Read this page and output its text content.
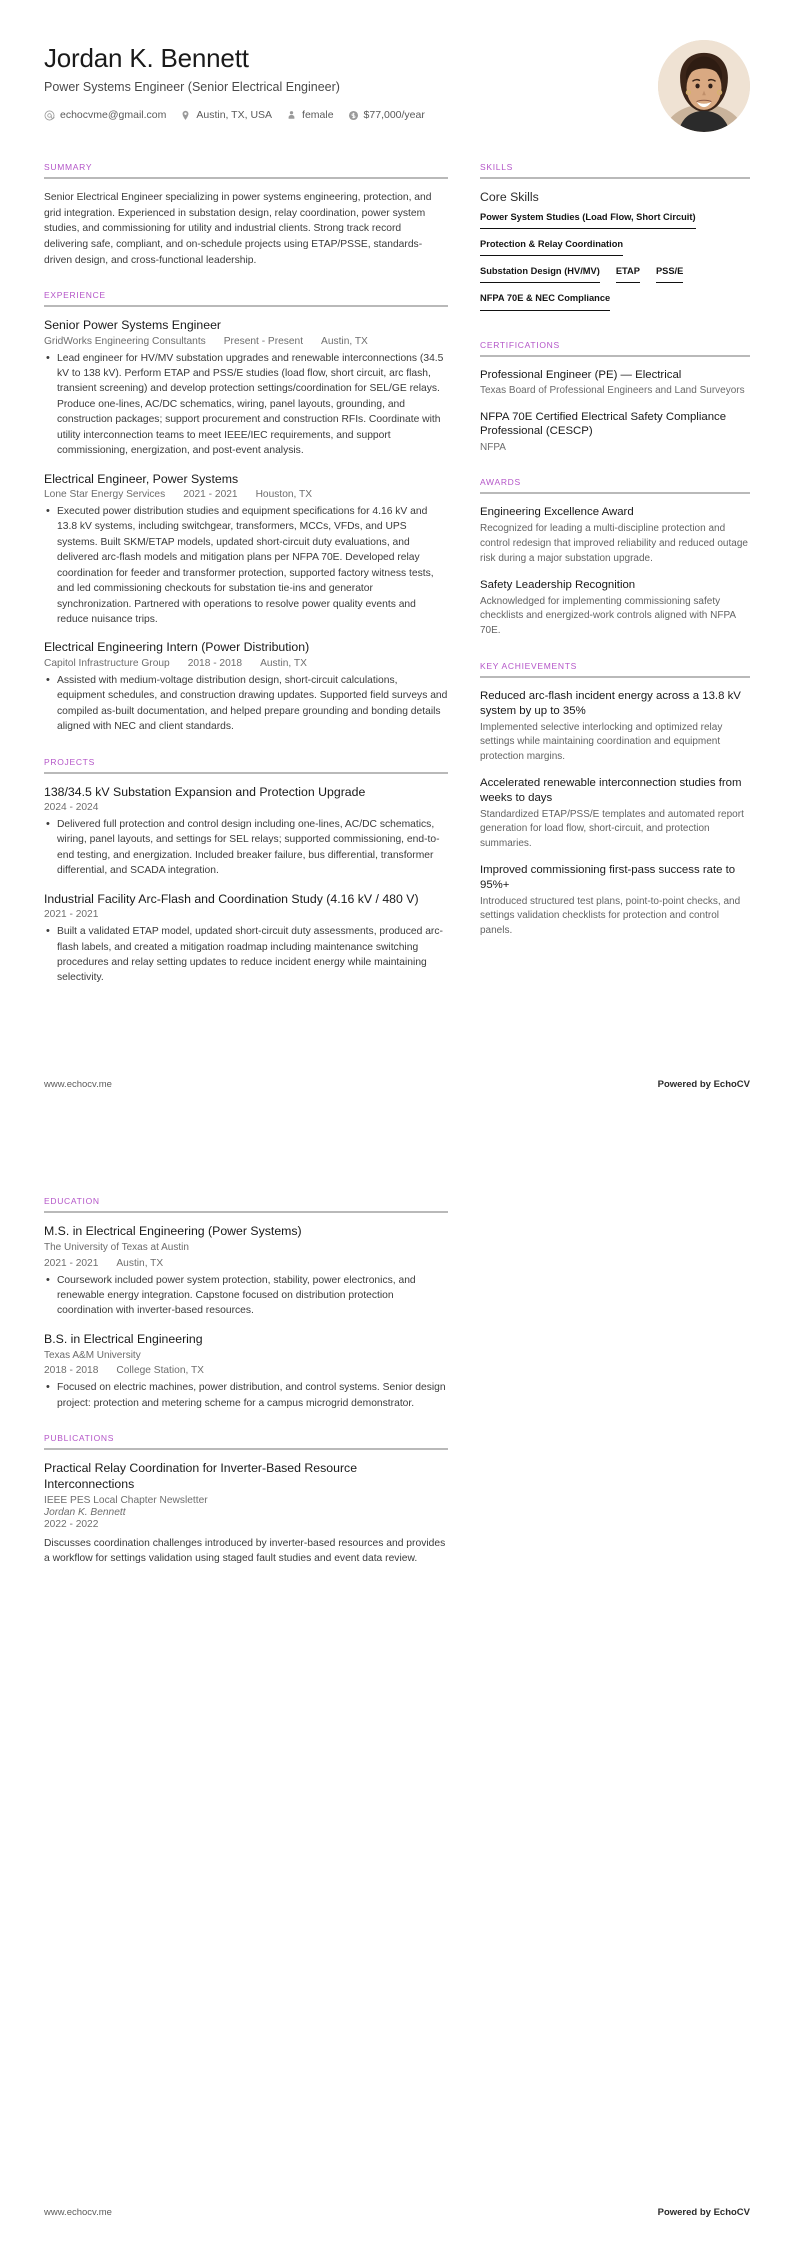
Jordan K. Bennett
Power Systems Engineer (Senior Electrical Engineer)
echocvme@gmail.com	Austin, TX, USA	female	$77,000/year
SUMMARY
Senior Electrical Engineer specializing in power systems engineering, protection, and grid integration. Experienced in substation design, relay coordination, power system studies, and commissioning for utility and industrial clients. Strong track record delivering safe, compliant, and on-schedule projects using ETAP/PSSE, standards-driven design, and cross-functional leadership.
EXPERIENCE
Senior Power Systems Engineer
GridWorks Engineering Consultants Present - Present Austin, TX
• Lead engineer for HV/MV substation upgrades and renewable interconnections (34.5 kV to 138 kV). Perform ETAP and PSS/E studies (load flow, short circuit, arc flash, transient screening) and develop protection settings/coordination for SEL/GE relays. Produce one-lines, AC/DC schematics, wiring, panel layouts, grounding, and construction packages; support procurement and construction RFIs. Coordinate with utility interconnection teams to meet IEEE/IEC requirements, and support commissioning, energization, and post-event analysis.
Electrical Engineer, Power Systems
Lone Star Energy Services 2021 - 2021 Houston, TX
• Executed power distribution studies and equipment specifications for 4.16 kV and 13.8 kV systems, including switchgear, transformers, MCCs, VFDs, and UPS systems. Built SKM/ETAP models, updated short-circuit duty evaluations, and delivered arc-flash models and mitigation plans per NFPA 70E. Developed relay coordination for feeder and transformer protection, supported factory witness tests, and led commissioning checkouts for substation tie-ins and generator synchronization. Partnered with operations to resolve power quality events and reduce nuisance trips.
Electrical Engineering Intern (Power Distribution)
Capitol Infrastructure Group 2018 - 2018 Austin, TX
• Assisted with medium-voltage distribution design, short-circuit calculations, equipment schedules, and construction drawing updates. Supported field surveys and compiled as-built documentation, and helped prepare grounding and bonding details aligned with NEC and client standards.
PROJECTS
138/34.5 kV Substation Expansion and Protection Upgrade
2024 - 2024
• Delivered full protection and control design including one-lines, AC/DC schematics, wiring, panel layouts, and settings for SEL relays; supported commissioning, end-to-end testing, and energization. Included breaker failure, bus differential, transformer differential, and SCADA integration.
Industrial Facility Arc-Flash and Coordination Study (4.16 kV / 480 V)
2021 - 2021
• Built a validated ETAP model, updated short-circuit duty assessments, produced arc-flash labels, and created a mitigation roadmap including maintenance switching procedures and relay setting updates to reduce incident energy while maintaining selectivity.
SKILLS
Core Skills
Power System Studies (Load Flow, Short Circuit)
Protection & Relay Coordination
Substation Design (HV/MV) ETAP PSS/E
NFPA 70E & NEC Compliance
CERTIFICATIONS
Professional Engineer (PE) — Electrical
Texas Board of Professional Engineers and Land Surveyors
NFPA 70E Certified Electrical Safety Compliance Professional (CESCP)
NFPA
AWARDS
Engineering Excellence Award
Recognized for leading a multi-discipline protection and control redesign that improved reliability and reduced outage risk during a major substation upgrade.
Safety Leadership Recognition
Acknowledged for implementing commissioning safety checklists and energized-work controls aligned with NFPA 70E.
KEY ACHIEVEMENTS
Reduced arc-flash incident energy across a 13.8 kV system by up to 35%
Implemented selective interlocking and optimized relay settings while maintaining coordination and equipment protection margins.
Accelerated renewable interconnection studies from weeks to days
Standardized ETAP/PSS/E templates and automated report generation for load flow, short-circuit, and protection summaries.
Improved commissioning first-pass success rate to 95%+
Introduced structured test plans, point-to-point checks, and settings validation checklists for protection and control panels.
www.echocv.me	Powered by EchoCV
EDUCATION
M.S. in Electrical Engineering (Power Systems)
The University of Texas at Austin
2021 - 2021 Austin, TX
• Coursework included power system protection, stability, power electronics, and renewable energy integration. Capstone focused on distribution protection coordination with inverter-based resources.
B.S. in Electrical Engineering
Texas A&M University
2018 - 2018 College Station, TX
• Focused on electric machines, power distribution, and control systems. Senior design project: protection and metering scheme for a campus microgrid demonstrator.
PUBLICATIONS
Practical Relay Coordination for Inverter-Based Resource Interconnections
IEEE PES Local Chapter Newsletter
Jordan K. Bennett
2022 - 2022
Discusses coordination challenges introduced by inverter-based resources and provides a workflow for settings validation using staged fault studies and event data review.
www.echocv.me	Powered by EchoCV
